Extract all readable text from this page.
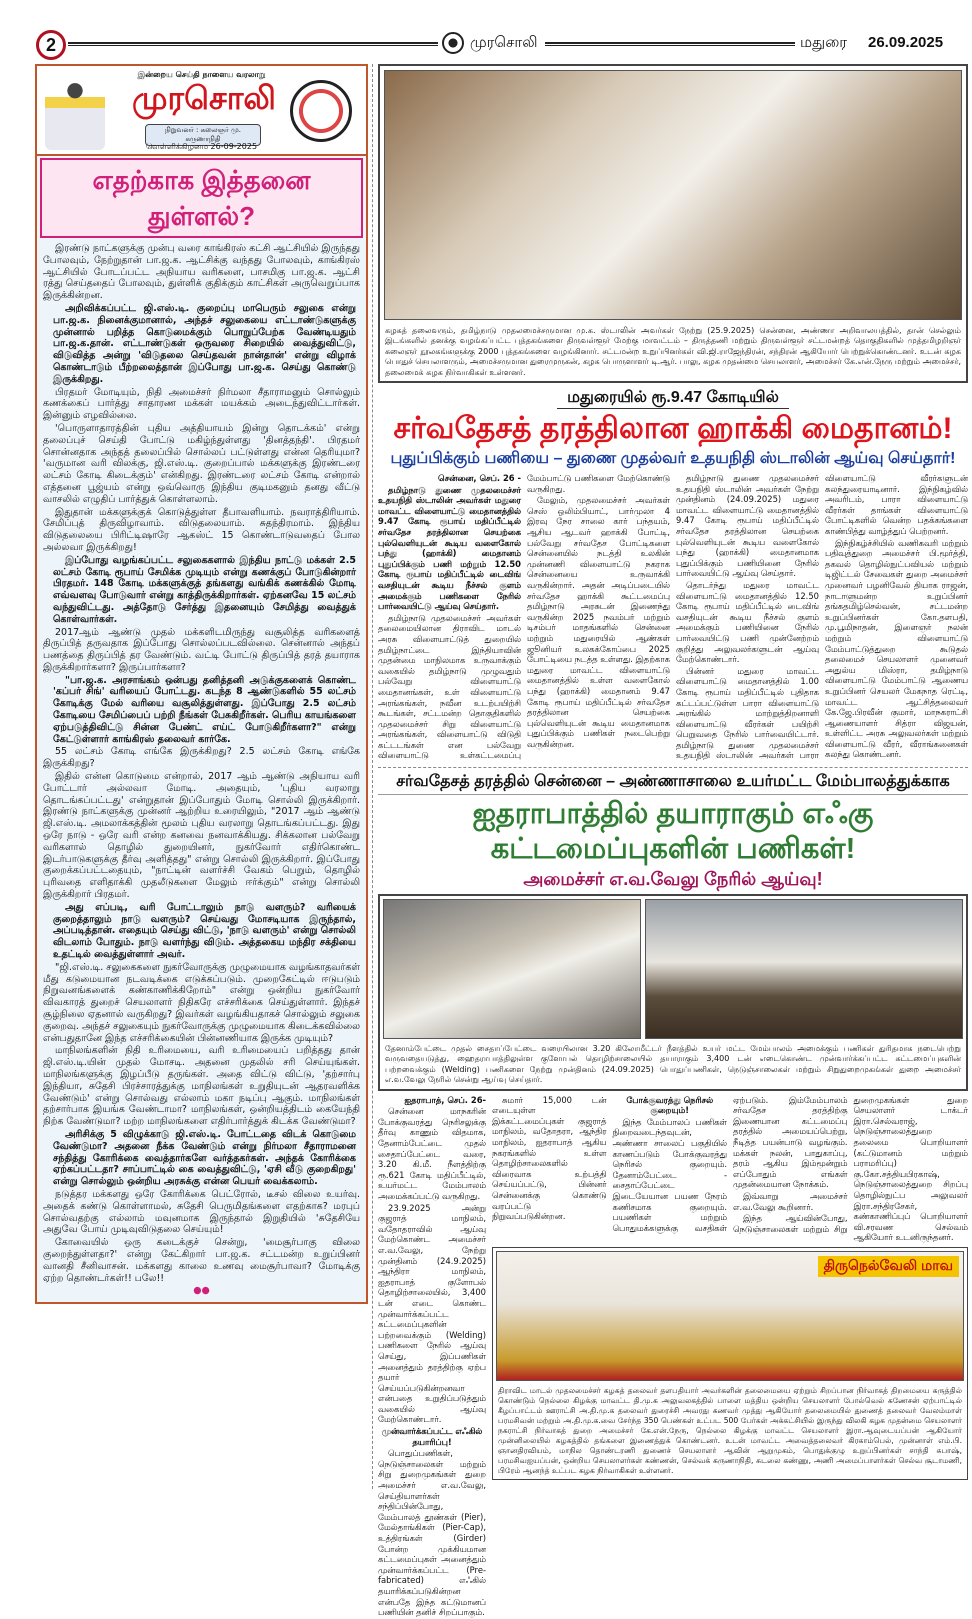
2	முரசொலி	மதுரை 26.09.2025
இன்றைய செய்தி நாளைய வரலாறு
முரசொலி
நிறுவனர் : கலைஞர் மு. கருணாநிதி
வெள்ளிக்கிழமை 26-09-2025
எதற்காக இத்தனை துள்ளல்?

இரண்டு நாட்களுக்கு முன்பு வரை காங்கிரஸ் கட்சி ஆட்சியில் இருந்தது போலவும், நேற்றுதான் பா.ஜ.க. ஆட்சிக்கு வந்தது போலவும், காங்கிரஸ் ஆட்சியில் போடப்பட்ட அநியாய வரிகளை, பாசமிகு பா.ஜ.க. ஆட்சி ரத்து செய்ததைப் போலவும், துள்ளிக் குதிக்கும் காட்சிகள் அருவெறுப்பாக இருக்கின்றன.

அறிவிக்கப்பட்ட ஜி.எஸ்.டி. குறைப்பு மாபெரும் சலுகை என்று பா.ஜ.க. நினைக்குமானால், அந்தச் சலுகையை எட்டாண்டுகளுக்கு முன்னால் பறித்த கொடுமைக்கும் பொறுப்பேற்க வேண்டியதும் பா.ஜ.க.தான். எட்டாண்டுகள் ஒருவரை சிறையில் வைத்துவிட்டு, விடுவித்த அன்று 'விடுதலை செய்தவன் நான்தான்' என்று விழாக் கொண்டாடும் பீற்றலைத்தான் இப்போது பா.ஜ.க. செய்து கொண்டு இருக்கிறது.

பிரதமர் மோடியும், நிதி அமைச்சர் நிர்மலா சீதாராமனும் சொல்லும் கணக்கைப் பார்த்து சாதாரண மக்கள் மயக்கம் அடைந்துவிட்டார்கள். இன்னும் எழவில்லை.

'பொருளாதாரத்தின் புதிய அத்தியாயம் இன்று தொடக்கம்' என்று தலைப்புச் செய்தி போட்டு மகிழ்ந்துள்ளது 'தினத்தந்தி'. பிரதமர் சொன்னதாக அந்தத் தலைப்பில் சொல்லப் பட்டுள்ளது என்ன தெரியுமா? 'வருமான வரி விலக்கு, ஜி.எஸ்.டி. குறைப்பால் மக்களுக்கு இரண்டரை லட்சம் கோடி கிடைக்கும்' என்கிறது. இரண்டரை லட்சம் கோடி என்றால் எத்தனை பூஜ்யம் என்று ஒவ்வொரு இந்திய குடிமகனும் தனது வீட்டு வாசலில் எழுதிப் பார்த்துக் கொள்ளலாம்.

இதுதான் மக்களுக்குக் கொடுத்துள்ள தீபாவளியாம். நவராத்திரியாம். சேமிப்புத் திருவிழாவாம். விடுதலையாம். சுதந்திரமாம். இந்திய விடுதலையை பிரிட்டிஷாரே ஆகஸ்ட் 15 கொண்டாடுவதைப் போல அல்லவா இருக்கிறது!

இப்போது வழங்கப்பட்ட சலுகைகளால் இந்திய நாட்டு மக்கள் 2.5 லட்சம் கோடி ரூபாய் சேமிக்க முடியும் என்று கணக்குப் போடுகின்றார் பிரதமர். 148 கோடி மக்களுக்குத் தங்களது வங்கிக் கணக்கில் மோடி எவ்வளவு போடுவார் என்று காத்திருக்கிறார்கள். ஏற்கனவே 15 லட்சம் வந்துவிட்டது. அத்தோடு சேர்த்து இதனையும் சேமித்து வைத்துக் கொள்வார்கள்.

2017ஆம் ஆண்டு முதல் மக்களிடமிருந்து வசூலித்த வரிகளைத் திருப்பித் தருவதாக இப்போது சொல்லப்படவில்லை. சென்னால் அந்தப் பணத்தை திருப்பித் தர வேண்டும். வட்டி போட்டு திருப்பித் தரத் தயாராக இருக்கிறார்களா? இருப்பார்களா?

"பா.ஜ.க. அரசாங்கம் ஒன்பது தனித்தனி அடுக்குகளைக் கொண்ட 'கப்பர் சிங்' வரியைப் போட்டது. கடந்த 8 ஆண்டுகளில் 55 லட்சம் கோடிக்கு மேல் வரியை வசூலித்துள்ளது. இப்போது 2.5 லட்சம் கோடியை சேமிப்பைப் பற்றி நீங்கள் பேசுகிறீர்கள். பெரிய காயங்களை ஏற்படுத்திவிட்டு சின்ன பேண்ட் எய்ட் போடுகிறீர்களா?" என்று கேட்டுள்ளார் காங்கிரஸ் தலைவர் கார்கே.

55 லட்சம் கோடி எங்கே இருக்கிறது? 2.5 லட்சம் கோடி எங்கே இருக்கிறது?

இதில் என்ன கொடுமை என்றால், 2017 ஆம் ஆண்டு அநியாய வரி போட்டார் அல்லவா மோடி. அதையும், 'புதிய வரலாறு தொடங்கப்பட்டது' என்றுதான் இப்போதும் மோடி சொல்லி இருக்கிறார். இரண்டு நாட்களுக்கு முன்னர் ஆற்றிய உரையிலும், "2017 ஆம் ஆண்டு ஜி.எஸ்.டி. அமலாக்கத்தின் மூலம் புதிய வரலாறு தொடங்கப்பட்டது. இது ஒரே நாடு - ஒரே வரி என்ற கனவை நனவாக்கியது. சிக்கலான பல்வேறு வரிகளால் தொழில் துறையினர், நுகர்வோர் எதிர்கொண்ட இடர்பாடுகளுக்கு தீர்வு அளித்தது" என்று சொல்லி இருக்கிறார். இப்போது குறைக்கப்பட்டதையும், "நாட்டின் வளர்ச்சி வேகம் பெறும், தொழில் புரிவதை எளிதாக்கி முதலீடுகளை மேலும் ஈர்க்கும்" என்று சொல்லி இருக்கிறார் பிரதமர்.

அது எப்படி, வரி போட்டாலும் நாடு வளரும்? வரியைக் குறைத்தாலும் நாடு வளரும்? செய்வது மோசடியாக இருந்தால், அப்படித்தான். எதையும் செய்து விட்டு, 'நாடு வளரும்' என்று சொல்லி விடலாம் போதும். நாடு வளர்ந்து விடும். அத்தகைய மந்திர சக்தியை உதட்டில் வைத்துள்ளார் அவர்.

"ஜி.எஸ்.டி. சலுகைகளை நுகர்வோருக்கு முழுமையாக வழங்காதவர்கள் மீது கடுமையான நடவடிக்கை எடுக்கப்படும். முறைகேட்டில் ஈடுபடும் நிறுவனங்களைக் கண்காணிக்கிறோம்" என்று ஒன்றிய நுகர்வோர் விவகாரத் துறைச் செயலாளர் நிதிகரே எச்சரிக்கை செய்துள்ளார். இந்தச் சூழ்நிலை ஏதனால் வருகிறது? இவர்கள் வழங்கியதாகச் சொல்லும் சலுகை குறைவு. அந்தச் சலுகையும் நுகர்வோருக்கு முழுமையாக கிடைக்கவில்லை என்பதுதானே இந்த எச்சரிக்கையின் பின்னணியாக இருக்க முடியும்?

மாநிலங்களின் நிதி உரிமையை, வரி உரிமையைப் பறித்தது தான் ஜி.எஸ்.டி.யின் முதல் மோசடி. அதனை முதலில் சரி செய்யுங்கள். மாநிலங்களுக்கு இழப்பீடு தருங்கள். அதை விட்டு விட்டு, 'தற்சார்பு இந்தியா, சுதேசி பிரச்சாரத்துக்கு மாநிலங்கள் உறுதியுடன் ஆதரவளிக்க வேண்டும்' என்று சொல்வது எல்லாம் மகா நடிப்பு ஆகும். மாநிலங்கள் தற்சார்பாக இயங்க வேண்டாமா? மாநிலங்கள், ஒன்றியத்திடம் கையேந்தி நிற்க வேண்டுமா? மற்ற மாநிலங்களை எதிர்பார்த்துக் கிடக்க வேண்டுமா?

அரிசிக்கு 5 விழுக்காடு ஜி.எஸ்.டி. போட்டதை விடக் கொடுமை வேண்டுமா? அதனை நீக்க வேண்டும் என்று நிர்மலா சீதாராமனை சந்தித்து கோரிக்கை வைத்தார்களே வர்த்தகர்கள். அந்தக் கோரிக்கை ஏற்கப்பட்டதா? சாப்பாட்டில் கை வைத்துவிட்டு, 'ஏசி வீடு குறைகிறது' என்று சொல்லும் ஒன்றிய அரசுக்கு என்ன பெயர் வைக்கலாம்.

நடுத்தர மக்களது ஒரே கோரிக்கை பெட்ரோல், டீசல் விலை உயர்வு. அதைக் கண்டு கொள்ளாமல், சுதேசி பெருமிதங்களை எதற்காக? மரபுப் சொல்வதற்கு எல்லாம் மவுனமாக இருந்தால் இறுதியில் 'சுதேசியே அதுவே போய் முடிவுவிடுதலை செய்யும்!

கோவையில் ஒரு கடைக்குச் சென்று, 'மைசூர்பாகு விலை குறைந்துள்ளதா?' என்று கேட்கிறார் பா.ஜ.க. சட்டமன்ற உறுப்பினர் வானதி சீனிவாசன். மக்களது காலை உணவு மைசூர்பாவா? மோடிக்கு ஏற்ற தொண்டர்கள்!! பலே!!

●●

கழகத் தலைவரும், தமிழ்நாடு முதலமைச்சருமான மு.க. ஸ்டாலின் அவர்கள் நேற்று (25.9.2025) சென்னை, அண்ணா அறிவாலயத்தில், தான் செல்லும் இடங்களில் தனக்கு வழங்கப்பட்ட புத்தகங்களை திருவள்ளூர் மேற்கு மாவட்டம் – திருத்தணி மற்றும் திருவள்ளூர் சட்டமன்றத் தொகுதிகளில் முத்தமிழறிஞர் கலைஞர் நூலகங்களுக்கு 2000 புத்தகங்களை வழங்கினார். சட்டமன்ற உறுப்பினர்கள் வி.ஜி.ராஜேந்திரன், சந்திரன் ஆகியோர் பெற்றுக்கொண்டனர். உடன் கழக பொதுச் செயலாளரும், அமைச்சருமான துரைமுருகன், கழக பொருளாளர் டி.ஆர். பாலு, கழக முதன்மை செயலாளர், அமைச்சர் கே.என்.நேரு மற்றும் அமைச்சர், தலைமைக் கழக நிர்வாகிகள் உள்ளனர்.
மதுரையில் ரூ.9.47 கோடியில்
சர்வதேசத் தரத்திலான ஹாக்கி மைதானம்!
புதுப்பிக்கும் பணியை – துணை முதல்வர் உதயநிதி ஸ்டாலின் ஆய்வு செய்தார்!

சென்னை, செப். 26 -

தமிழ்நாடு துணை முதலமைச்சர் உதயநிதி ஸ்டாலின் அவர்கள் மதுரை மாவட்ட விளையாட்டு மைதானத்தில் 9.47 கோடி ரூபாய் மதிப்பீட்டில் சர்வதேச தரத்திலான செயற்கை புல்வெளியுடன் கூடிய வளைகோல் பந்து (ஹாக்கி) மைதானம் புதுப்பிக்கும் பணி மற்றும் 12.50 கோடி ரூபாய் மதிப்பீட்டில் டைவிங் வசதியுடன் கூடிய நீச்சல் குளம் அமைக்கும் பணிகளை நேரில் பார்வையிட்டு ஆய்வு செய்தார்.

தமிழ்நாடு முதலமைச்சர் அவர்கள் தலைமையிலான திராவிட மாடல் அரசு விளையாட்டுத் துறையில் தமிழ்நாட்டை இந்தியாவின் முதன்மை மாநிலமாக உருவாக்கும் வகையில் தமிழ்நாடு முழுவதும் பல்வேறு விளையாட்டு மைதானங்கள், உள் விளையாட்டு அரங்கங்கள், நவீன உடற்பயிற்சி கூடங்கள், சட்டமன்ற தொகுதிகளில் முதலமைச்சர் சிறு விளையாட்டு அரங்கங்கள், விளையாட்டு விடுதி கட்டடங்கள் என பல்வேறு விளையாட்டு உள்கட்டமைப்பு மேம்பாட்டு பணிகளை மேற்கொண்டு வருகிறது.

மேலும், முதலமைச்சர் அவர்கள் செஸ் ஒலிம்பியாட், பார்முலா 4 இரவு நேர சாலை கார் பந்தயம், ஆசிய ஆடவர் ஹாக்கி போட்டி, பல்வேறு சர்வதேச போட்டிகளை சென்னையில் நடத்தி உலகின் முன்னணி விளையாட்டு நகராக சென்னையை உருவாக்கி வருகின்றார். அதன் அடிப்படையில் சர்வதேச ஹாக்கி கூட்டமைப்பு தமிழ்நாடு அரசுடன் இணைந்து வருகின்ற 2025 நவம்பர் மற்றும் டிசம்பர் மாதங்களில் சென்னை மற்றும் மதுரையில் ஆண்கள் ஜூனியர் உலகக்கோப்பை 2025 போட்டியை நடத்த உள்ளது. இதற்காக மதுரை மாவட்ட விளையாட்டு மைதானத்தில் உள்ள வளைகோல் பந்து (ஹாக்கி) மைதானம் 9.47 கோடி ரூபாய் மதிப்பீட்டில் சர்வதேச தரத்திலான செயற்கை புல்வெளியுடன் கூடிய மைதானமாக புதுப்பிக்கும் பணிகள் நடைபெற்று வருகின்றன.

தமிழ்நாடு துணை முதலமைச்சர் உதயநிதி ஸ்டாலின் அவர்கள் நேற்று முன்தினம் (24.09.2025) மதுரை மாவட்ட விளையாட்டு மைதானத்தில் 9.47 கோடி ரூபாய் மதிப்பீட்டில் சர்வதேச தரத்திலான செயற்கை புல்வெளியுடன் கூடிய வளைகோல் பந்து (ஹாக்கி) மைதானமாக புதுப்பிக்கும் பணியினை நேரில் பார்வையிட்டு ஆய்வு செய்தார்.

தொடர்ந்து மதுரை மாவட்ட விளையாட்டு மைதானத்தில் 12.50 கோடி ரூபாய் மதிப்பீட்டில் டைவிங் வசதியுடன் கூடிய நீச்சல் குளம் அமைக்கும் பணியினை நேரில் பார்வையிட்டு பணி முன்னேற்றம் குறித்து அலுவலர்களுடன் ஆய்வு மேற்கொண்டார்.

பின்னர் மதுரை மாவட்ட விளையாட்டு மைதானத்தில் 1.00 கோடி ரூபாய் மதிப்பீட்டில் புதிதாக கட்டப்பட்டுள்ள பாரா விளையாட்டு அரங்கில் மாற்றுத்திறனாளி விளையாட்டு வீரர்கள் பயிற்சி பெறுவதை நேரில் பார்வையிட்டார். தமிழ்நாடு துணை முதலமைச்சர் உதயநிதி ஸ்டாலின் அவர்கள் பாரா விளையாட்டு வீரர்களுடன் கலந்துரையாடினார். இந்நிகழ்வில் அவரிடம், பாரா விளையாட்டு வீரர்கள் தாங்கள் விளையாட்டு போட்டிகளில் வென்ற பதக்கங்களை காண்பித்து வாழ்த்துப் பெற்றனர்.

இந்நிகழ்ச்சியில் வணிகவரி மற்றும் பதிவுத்துறை அமைச்சர் பி.மூர்த்தி, தகவல் தொழில்நுட்பவியல் மற்றும் டிஜிட்டல் சேவைகள் துறை அமைச்சர் முனைவர் பழனிவேல் தியாக ராஜன், நாடாளுமன்ற உறுப்பினர் தங்கதமிழ்செல்வன், சட்டமன்ற உறுப்பினர்கள் கோ.தளபதி, மு.பூமிநாதன், இளைஞர் நலன் மற்றும் விளையாட்டு மேம்பாட்டுத்துறை கூடுதல் தலைமைச் செயலாளர் முனைவர் அதுல்ய மிஸ்ரா, தமிழ்நாடு விளையாட்டு மேம்பாட்டு ஆணைய உறுப்பினர் செயலர் மேகநாத ரெட்டி, மாவட்ட ஆட்சித்தலைவர் கே.ஜே.பிரவீன் குமார், மாநகராட்சி ஆணையாளர் சித்ரா விஜயன், உள்ளிட்ட அரசு அலுவலர்கள் மற்றும் விளையாட்டு வீரர், வீராங்கனைகள் கலந்து கொண்டனர்.

சர்வதேசத் தரத்தில் சென்னை – அண்ணாசாலை உயர்மட்ட மேம்பாலத்துக்காக
ஐதராபாத்தில் தயாராகும் எஃகு கட்டமைப்புகளின் பணிகள்!
அமைச்சர் எ.வ.வேலு நேரில் ஆய்வு!
தேனாம்பேட்டை முதல் சைதாப்பேட்டை வரையிலான 3.20 கிலோமீட்டர் நீளத்தில் உயர் மட்ட மேம்பாலம் அமைக்கும் பணிகள் துரிதமாக நடைபெற்று வருவதையடுத்து, ஹைதராபாத்திலுள்ள குளோபல் தொழிற்சாலையில் தயாராகும் 3,400 டன் எடைகொண்ட முன்வார்க்கப்பட்ட கட்டமைப்புகளின் பற்றவைக்கும் (Welding) பணிகளை நேற்று முன்தினம் (24.09.2025) பொதுப்பணிகள், நெடுஞ்சாலைகள் மற்றும் சிறுதுறைமுகங்கள் துறை அமைச்சர் எ.வ.வேலு நேரில் சென்று ஆய்வு செய்தார்.

ஐதராபாத், செப். 26-

சென்னை மாநகரின் போக்குவரத்து நெரிசலுக்கு தீர்வு காணும் விதமாக, தேனாம்பேட்டை முதல் சைதாப்பேட்டை வரை, 3.20 கி.மீ. நீளத்திற்கு ரூ.621 கோடி மதிப்பீட்டில், உயர்மட்ட மேம்பாலம் அமைக்கப்பட்டு வருகிறது.

23.9.2025 அன்று குஜராத் மாநிலம், வதோதராவில் ஆய்வு மேற்கொண்ட அமைச்சர் எ.வ.வேலு, நேற்று முன்தினம் (24.9.2025) ஆந்திரா மாநிலம், ஐதராபாத் குளோபல் தொழிற்சாலையில், 3,400 டன் எடை கொண்ட முன்வார்க்கப்பட்ட கட்டமைப்புகளின் பற்றவைக்கும் (Welding) பணிகளை நேரில் ஆய்வு செய்து, இப்பணிகள் அனைத்தும் தரத்திற்கு ஏற்ப தயார் செய்யப்படுகின்றனவா என்பதை உறுதிப்படுத்தும் வகையில் ஆய்வு மேற்கொண்டார்.

முன்வார்க்கப்பட்ட எஃகில் தயாரிப்பு!

பொதுப்பணிகள், நெடுஞ்சாலைகள் மற்றும் சிறு துறைமுகங்கள் துறை அமைச்சர் எ.வ.வேலு, செய்தியாளர்கள் சந்திப்பின்போது, மேம்பாலத் தூண்கள் (Pier), மேல்தாங்கிகள் (Pier-Cap), உத்திரங்கள் (Girder) போன்ற முக்கியமான கட்டமைப்புகள் அனைத்தும் முன்வார்க்கப்பட்ட (Pre-fabricated) எஃகில் தயாரிக்கப்படுகின்றன என்பதே இந்த கட்டுமானப் பணியின் தனிச் சிறப்பாகும்.

சுமார் 15,000 டன் எடையுள்ள இக்கட்டமைப்புகள் குஜராத் மாநிலம், வதோதரா, ஆந்திர மாநிலம், ஐதராபாத் ஆகிய நகரங்களில் உள்ள தொழிற்சாலைகளில் விரைவாக உற்பத்தி செய்யப்பட்டு, பின்னர் சென்னைக்கு கொண்டு வரப்பட்டு நிறுவப்படுகின்றன.

போக்குவரத்து நெரிசல் குறையும்!

இந்த மேம்பாலப் பணிகள் நிறைவடைந்தவுடன், அண்ணா சாலைப் பகுதியில் காணப்படும் போக்குவரத்து நெரிசல் குறையும். தேனாம்பேட்டை - சைதாப்பேட்டை இடையேயான பயண நேரம் கணிசமாக குறையும். பயணிகள் மற்றும் பொதுமக்களுக்கு வசதிகள் ஏற்படும். இம்மேம்பாலம் சர்வதேச தரத்திற்கு இணையான கட்டமைப்பு தரத்தில் அமையப்பெற்று, நீடித்த பயன்பாடு வழங்கும். மக்கள் நலன், பாதுகாப்பு, தரம் ஆகிய இம்மூன்றும் எப்போதும் எங்கள் முதன்மையான நோக்கம்.

இவ்வாறு அமைச்சர் எ.வ.வேலு கூறினார்.

இந்த ஆய்வின்போது, நெடுஞ்சாலைகள் மற்றும் சிறு துறைமுகங்கள் துறை செயலாளர் டாக்டர் இரா.செல்வராஜ், நெடுஞ்சாலைத்துறை தலைமை பொறியாளர் (கட்டுமானம் மற்றும் பராமரிப்பு) கு.கோ.சத்தியபிரகாஷ், நெடுஞ்சாலைத்துறை சிறப்பு தொழில்நுட்ப அலுவலர் இரா.சந்திரசேகர், கண்காணிப்புப் பொறியாளர் வி.சரவண செல்வம் ஆகியோர் உடனிருந்தனர்.

திருநெல்வேலி மாவ
திராவிட மாடல் முதலமைச்சர் கழகத் தலைவர் தளபதியார் அவர்களின் தலைமையை ஏற்றும் சிறப்பான நிர்வாகத் திறமையை கருத்தில் கொண்டும் நெல்லை கிழக்கு மாவட்ட தி.மு.க அலுவலகத்தில் பாளை மத்திய ஒன்றிய செயலாளர் போல்வெல் கணேசன் ஏற்பாட்டில் கீழப்பாட்டம் ஊராட்சி அ.தி.மு.க தலைவர் துரைச்சி அவரது கணவர் முத்து ஆகியோர் தலைமையில் துணைத் தலைவர் வேலம்மாள் பரமசிவன் மற்றும் அ.தி.மு.க.வை சேர்ந்த 350 பெண்கள் உட்பட 500 பேர்கள் அக்கட்சியில் இருந்து விலகி கழக முதன்மை செயலாளர் நகராட்சி நிர்வாகத் துறை அமைச்சர் கே.என்.நேரு, நெல்லை கிழக்கு மாவட்ட செயலாளர் இரா.ஆவுடையப்பன் ஆகியோர் முன்னிலையில் கழகத்தில் தங்களை இணைத்துக் கொண்டனர். உடன் மாவட்ட அவைத்தலைவர் கிரகாம்பெல், முன்னாள் எம்.பி. ஞானதிரவியம், மாநில தொண்டரணி துணைச் செயலாளர் ஆவின் ஆறுமுகம், பொதுக்குழு உறுப்பினர்கள் சாந்தி சுபாஷ், பரமசிவஐயப்பன், ஒன்றிய செயலாளர்கள் கண்ணன், செல்வக் கருணாநிதி, சுடலை கண்ணு, அணி அமைப்பாளர்கள் செல்வ சூடாமணி, பிரேம் ஆனந்த் உட்பட கழக நிர்வாகிகள் உள்ளனர்.
